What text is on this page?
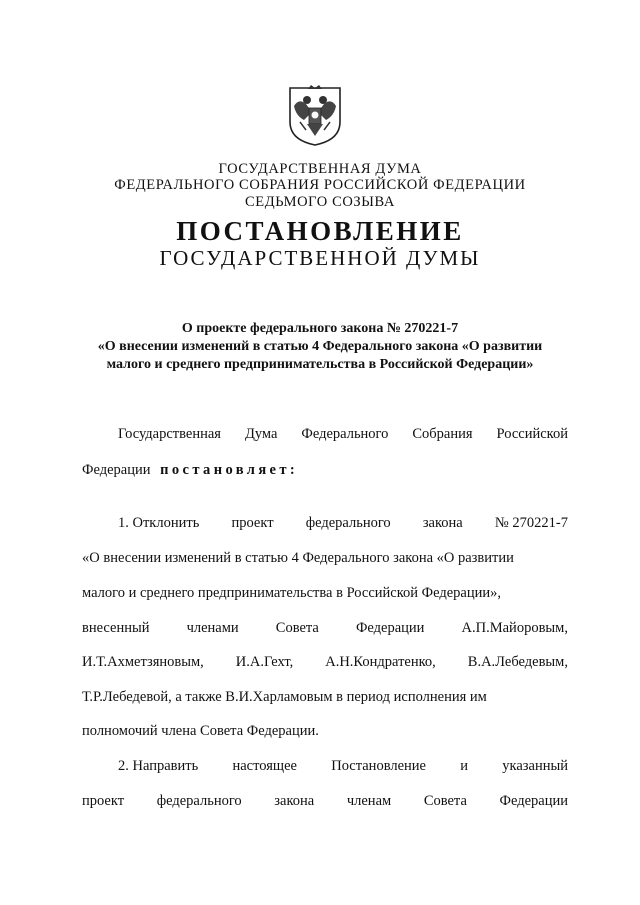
ГОСУДАРСТВЕННАЯ ДУМА
ФЕДЕРАЛЬНОГО СОБРАНИЯ РОССИЙСКОЙ ФЕДЕРАЦИИ
СЕДЬМОГО СОЗЫВА
ПОСТАНОВЛЕНИЕ
ГОСУДАРСТВЕННОЙ ДУМЫ
О проекте федерального закона № 270221-7
«О внесении изменений в статью 4 Федерального закона «О развитии
малого и среднего предпринимательства в Российской Федерации»
Государственная Дума Федерального Собрания Российской
Федерации постановляет:
1. Отклонить проект федерального закона № 270221-7
«О внесении изменений в статью 4 Федерального закона «О развитии
малого и среднего предпринимательства в Российской Федерации»,
внесенный	членами	Совета	Федерации	А.П.Майоровым,
И.Т.Ахметзяновым, И.А.Гехт, А.Н.Кондратенко, В.А.Лебедевым,
Т.Р.Лебедевой, а также В.И.Харламовым в период исполнения им
полномочий члена Совета Федерации.
2. Направить настоящее Постановление и указанный
проект федерального закона членам Совета Федерации
